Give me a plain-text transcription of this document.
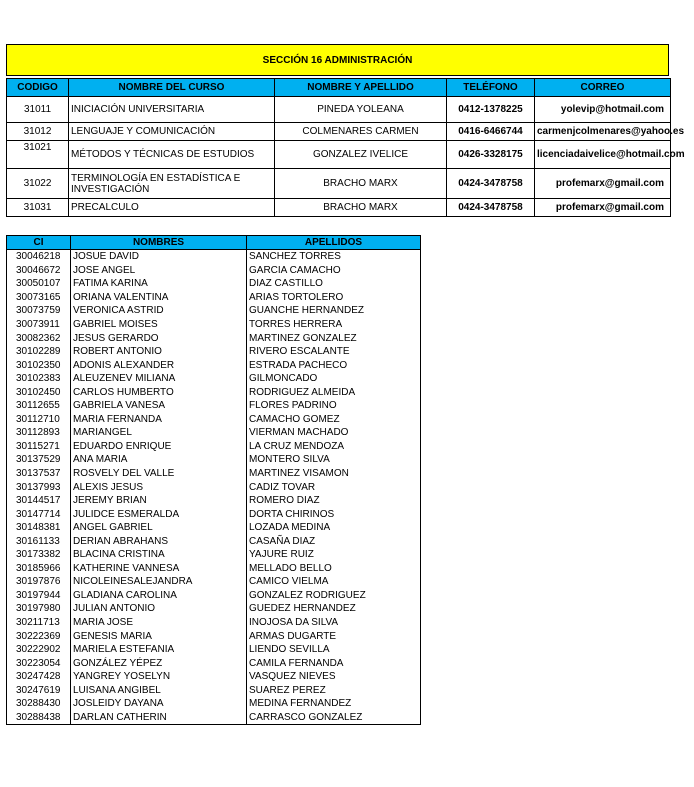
SECCIÓN 16 ADMINISTRACIÓN
CODIGO	NOMBRE DEL CURSO	NOMBRE Y APELLIDO	TELÉFONO	CORREO
31011	INICIACIÓN UNIVERSITARIA	PINEDA YOLEANA	0412-1378225	yolevip@hotmail.com
31012	LENGUAJE Y COMUNICACIÓN	COLMENARES CARMEN	0416-6466744	carmenjcolmenares@yahoo.es
31021	MÉTODOS Y TÉCNICAS DE ESTUDIOS	GONZALEZ IVELICE	0426-3328175	licenciadaivelice@hotmail.com
31022	TERMINOLOGÍA EN ESTADÍSTICA E INVESTIGACIÓN	BRACHO MARX	0424-3478758	profemarx@gmail.com
31031	PRECALCULO	BRACHO MARX	0424-3478758	profemarx@gmail.com
CI	NOMBRES	APELLIDOS
30046218	JOSUE DAVID	SANCHEZ TORRES
30046672	JOSE ANGEL	GARCIA CAMACHO
30050107	FATIMA KARINA	DIAZ CASTILLO
30073165	ORIANA VALENTINA	ARIAS TORTOLERO
30073759	VERONICA ASTRID	GUANCHE HERNANDEZ
30073911	GABRIEL MOISES	TORRES HERRERA
30082362	JESUS GERARDO	MARTINEZ GONZALEZ
30102289	ROBERT ANTONIO	RIVERO ESCALANTE
30102350	ADONIS ALEXANDER	ESTRADA PACHECO
30102383	ALEUZENEV MILIANA	GILMONCADO
30102450	CARLOS HUMBERTO	RODRIGUEZ ALMEIDA
30112655	GABRIELA VANESA	FLORES PADRINO
30112710	MARIA FERNANDA	CAMACHO GOMEZ
30112893	MARIANGEL	VIERMAN MACHADO
30115271	EDUARDO ENRIQUE	LA CRUZ MENDOZA
30137529	ANA MARIA	MONTERO SILVA
30137537	ROSVELY DEL VALLE	MARTINEZ VISAMON
30137993	ALEXIS JESUS	CADIZ TOVAR
30144517	JEREMY BRIAN	ROMERO DIAZ
30147714	JULIDCE ESMERALDA	DORTA CHIRINOS
30148381	ANGEL GABRIEL	LOZADA MEDINA
30161133	DERIAN ABRAHANS	CASAÑA DIAZ
30173382	BLACINA CRISTINA	YAJURE RUIZ
30185966	KATHERINE VANNESA	MELLADO BELLO
30197876	NICOLEINESALEJANDRA	CAMICO VIELMA
30197944	GLADIANA CAROLINA	GONZALEZ RODRIGUEZ
30197980	JULIAN ANTONIO	GUEDEZ HERNANDEZ
30211713	MARIA JOSE	INOJOSA DA SILVA
30222369	GENESIS MARIA	ARMAS DUGARTE
30222902	MARIELA ESTEFANIA	LIENDO SEVILLA
30223054	GONZÁLEZ YÉPEZ	CAMILA FERNANDA
30247428	YANGREY YOSELYN	VASQUEZ NIEVES
30247619	LUISANA ANGIBEL	SUAREZ PEREZ
30288430	JOSLEIDY DAYANA	MEDINA FERNANDEZ
30288438	DARLAN CATHERIN	CARRASCO GONZALEZ
